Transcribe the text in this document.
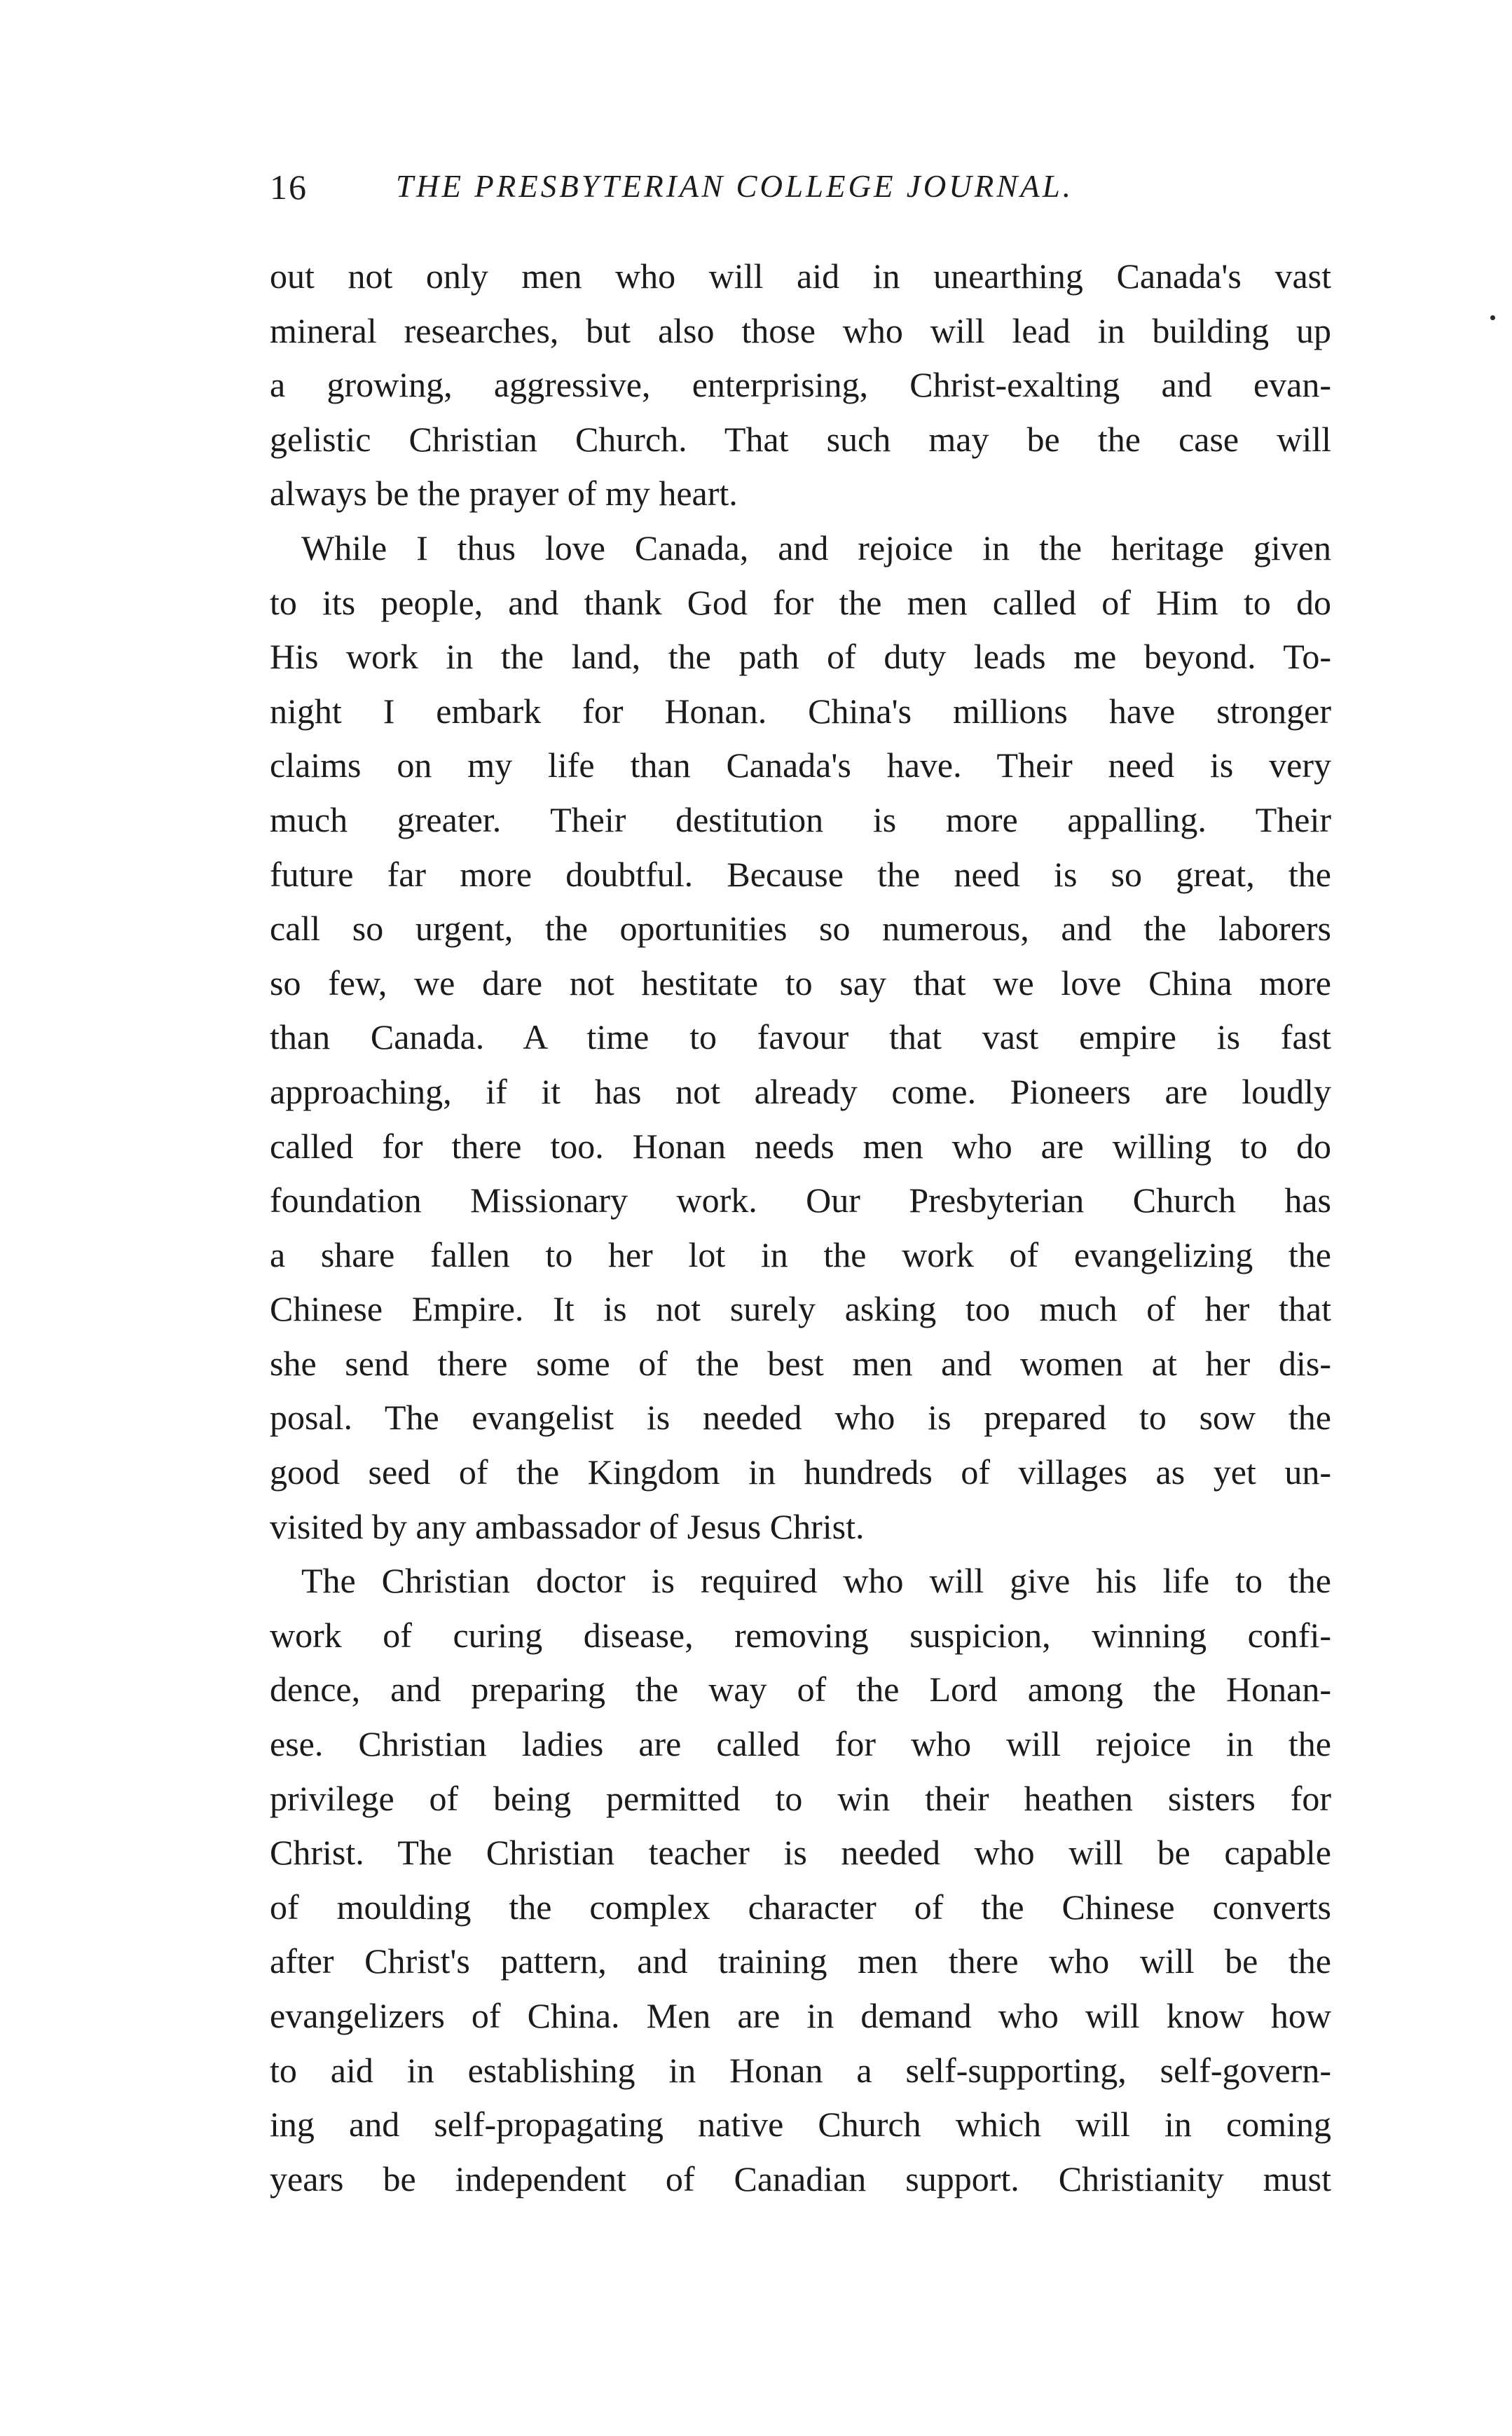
16	THE PRESBYTERIAN COLLEGE JOURNAL.
out not only men who will aid in unearthing Canada's vast
mineral researches, but also those who will lead in building up
a growing, aggressive, enterprising, Christ-exalting and evan-
gelistic Christian Church. That such may be the case will
always be the prayer of my heart.
While I thus love Canada, and rejoice in the heritage given
to its people, and thank God for the men called of Him to do
His work in the land, the path of duty leads me beyond. To-
night I embark for Honan. China's millions have stronger
claims on my life than Canada's have. Their need is very
much greater. Their destitution is more appalling. Their
future far more doubtful. Because the need is so great, the
call so urgent, the oportunities so numerous, and the laborers
so few, we dare not hestitate to say that we love China more
than Canada. A time to favour that vast empire is fast
approaching, if it has not already come. Pioneers are loudly
called for there too. Honan needs men who are willing to do
foundation Missionary work. Our Presbyterian Church has
a share fallen to her lot in the work of evangelizing the
Chinese Empire. It is not surely asking too much of her that
she send there some of the best men and women at her dis-
posal. The evangelist is needed who is prepared to sow the
good seed of the Kingdom in hundreds of villages as yet un-
visited by any ambassador of Jesus Christ.
The Christian doctor is required who will give his life to the
work of curing disease, removing suspicion, winning confi-
dence, and preparing the way of the Lord among the Honan-
ese. Christian ladies are called for who will rejoice in the
privilege of being permitted to win their heathen sisters for
Christ. The Christian teacher is needed who will be capable
of moulding the complex character of the Chinese converts
after Christ's pattern, and training men there who will be the
evangelizers of China. Men are in demand who will know how
to aid in establishing in Honan a self-supporting, self-govern-
ing and self-propagating native Church which will in coming
years be independent of Canadian support. Christianity must
